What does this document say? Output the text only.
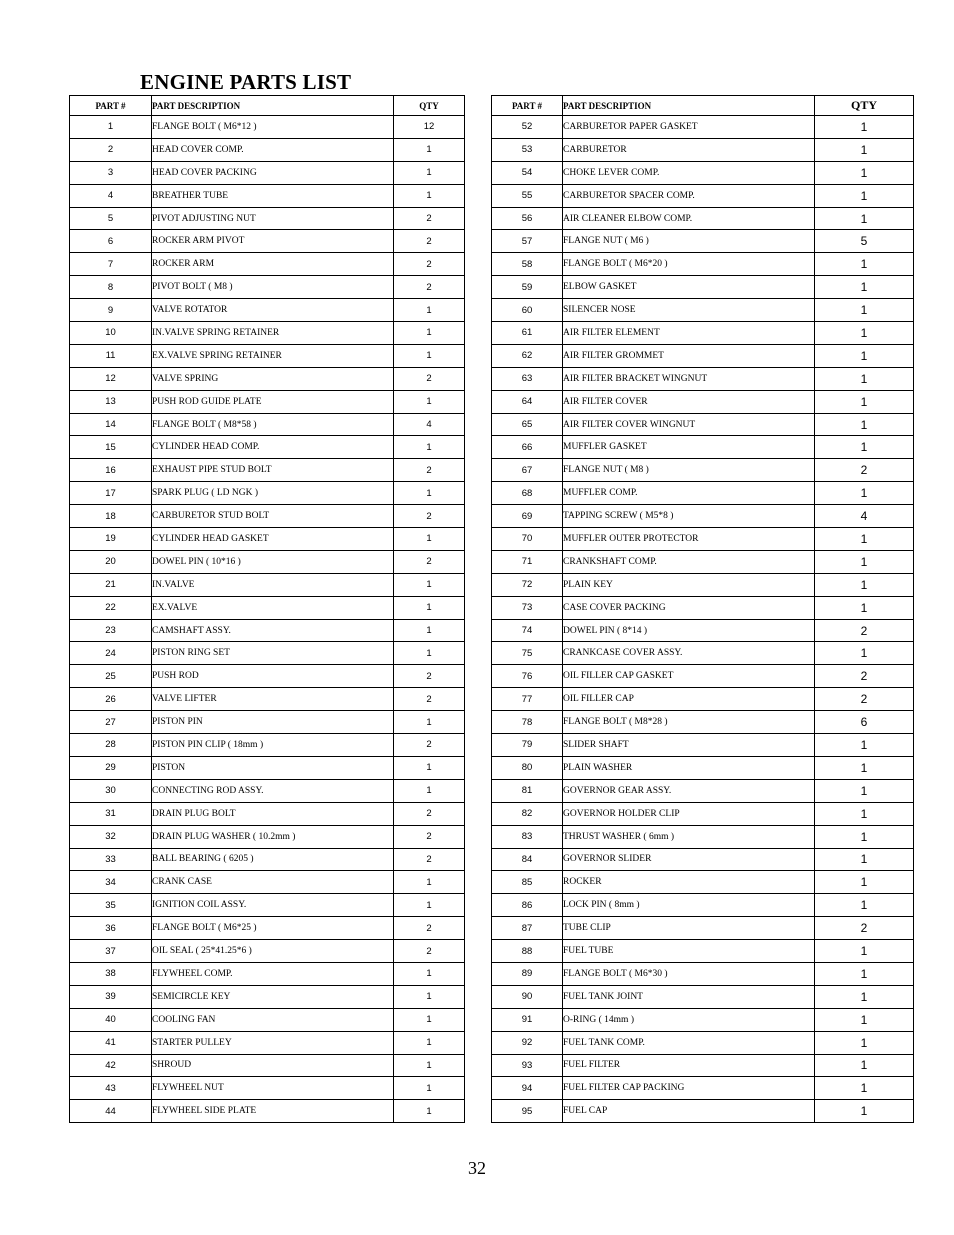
ENGINE PARTS LIST
PART #	PART DESCRIPTION	QTY
1	FLANGE BOLT ( M6*12 )	12
2	HEAD COVER COMP.	1
3	HEAD COVER PACKING	1
4	BREATHER TUBE	1
5	PIVOT ADJUSTING NUT	2
6	ROCKER ARM PIVOT	2
7	ROCKER ARM	2
8	PIVOT BOLT ( M8 )	2
9	VALVE ROTATOR	1
10	IN.VALVE SPRING RETAINER	1
11	EX.VALVE SPRING RETAINER	1
12	VALVE SPRING	2
13	PUSH ROD GUIDE PLATE	1
14	FLANGE BOLT ( M8*58 )	4
15	CYLINDER HEAD COMP.	1
16	EXHAUST PIPE STUD BOLT	2
17	SPARK PLUG ( LD NGK )	1
18	CARBURETOR STUD BOLT	2
19	CYLINDER HEAD GASKET	1
20	DOWEL PIN ( 10*16 )	2
21	IN.VALVE	1
22	EX.VALVE	1
23	CAMSHAFT ASSY.	1
24	PISTON RING SET	1
25	PUSH ROD	2
26	VALVE LIFTER	2
27	PISTON PIN	1
28	PISTON PIN CLIP ( 18mm )	2
29	PISTON	1
30	CONNECTING ROD ASSY.	1
31	DRAIN PLUG BOLT	2
32	DRAIN PLUG WASHER ( 10.2mm )	2
33	BALL BEARING ( 6205 )	2
34	CRANK CASE	1
35	IGNITION COIL ASSY.	1
36	FLANGE BOLT ( M6*25 )	2
37	OIL SEAL ( 25*41.25*6 )	2
38	FLYWHEEL COMP.	1
39	SEMICIRCLE KEY	1
40	COOLING FAN	1
41	STARTER PULLEY	1
42	SHROUD	1
43	FLYWHEEL NUT	1
44	FLYWHEEL SIDE PLATE	1
PART #	PART DESCRIPTION	QTY
52	CARBURETOR PAPER GASKET	1
53	CARBURETOR	1
54	CHOKE LEVER COMP.	1
55	CARBURETOR SPACER COMP.	1
56	AIR CLEANER ELBOW COMP.	1
57	FLANGE NUT ( M6 )	5
58	FLANGE BOLT ( M6*20 )	1
59	ELBOW GASKET	1
60	SILENCER NOSE	1
61	AIR FILTER ELEMENT	1
62	AIR FILTER GROMMET	1
63	AIR FILTER BRACKET WINGNUT	1
64	AIR FILTER COVER	1
65	AIR FILTER COVER WINGNUT	1
66	MUFFLER GASKET	1
67	FLANGE NUT ( M8 )	2
68	MUFFLER COMP.	1
69	TAPPING SCREW ( M5*8 )	4
70	MUFFLER OUTER PROTECTOR	1
71	CRANKSHAFT COMP.	1
72	PLAIN KEY	1
73	CASE COVER PACKING	1
74	DOWEL PIN ( 8*14 )	2
75	CRANKCASE COVER ASSY.	1
76	OIL FILLER CAP GASKET	2
77	OIL FILLER CAP	2
78	FLANGE BOLT ( M8*28 )	6
79	SLIDER SHAFT	1
80	PLAIN WASHER	1
81	GOVERNOR GEAR ASSY.	1
82	GOVERNOR HOLDER CLIP	1
83	THRUST WASHER ( 6mm )	1
84	GOVERNOR SLIDER	1
85	ROCKER	1
86	LOCK PIN ( 8mm )	1
87	TUBE CLIP	2
88	FUEL TUBE	1
89	FLANGE BOLT ( M6*30 )	1
90	FUEL TANK JOINT	1
91	O-RING ( 14mm )	1
92	FUEL TANK COMP.	1
93	FUEL FILTER	1
94	FUEL FILTER CAP PACKING	1
95	FUEL CAP	1
32
